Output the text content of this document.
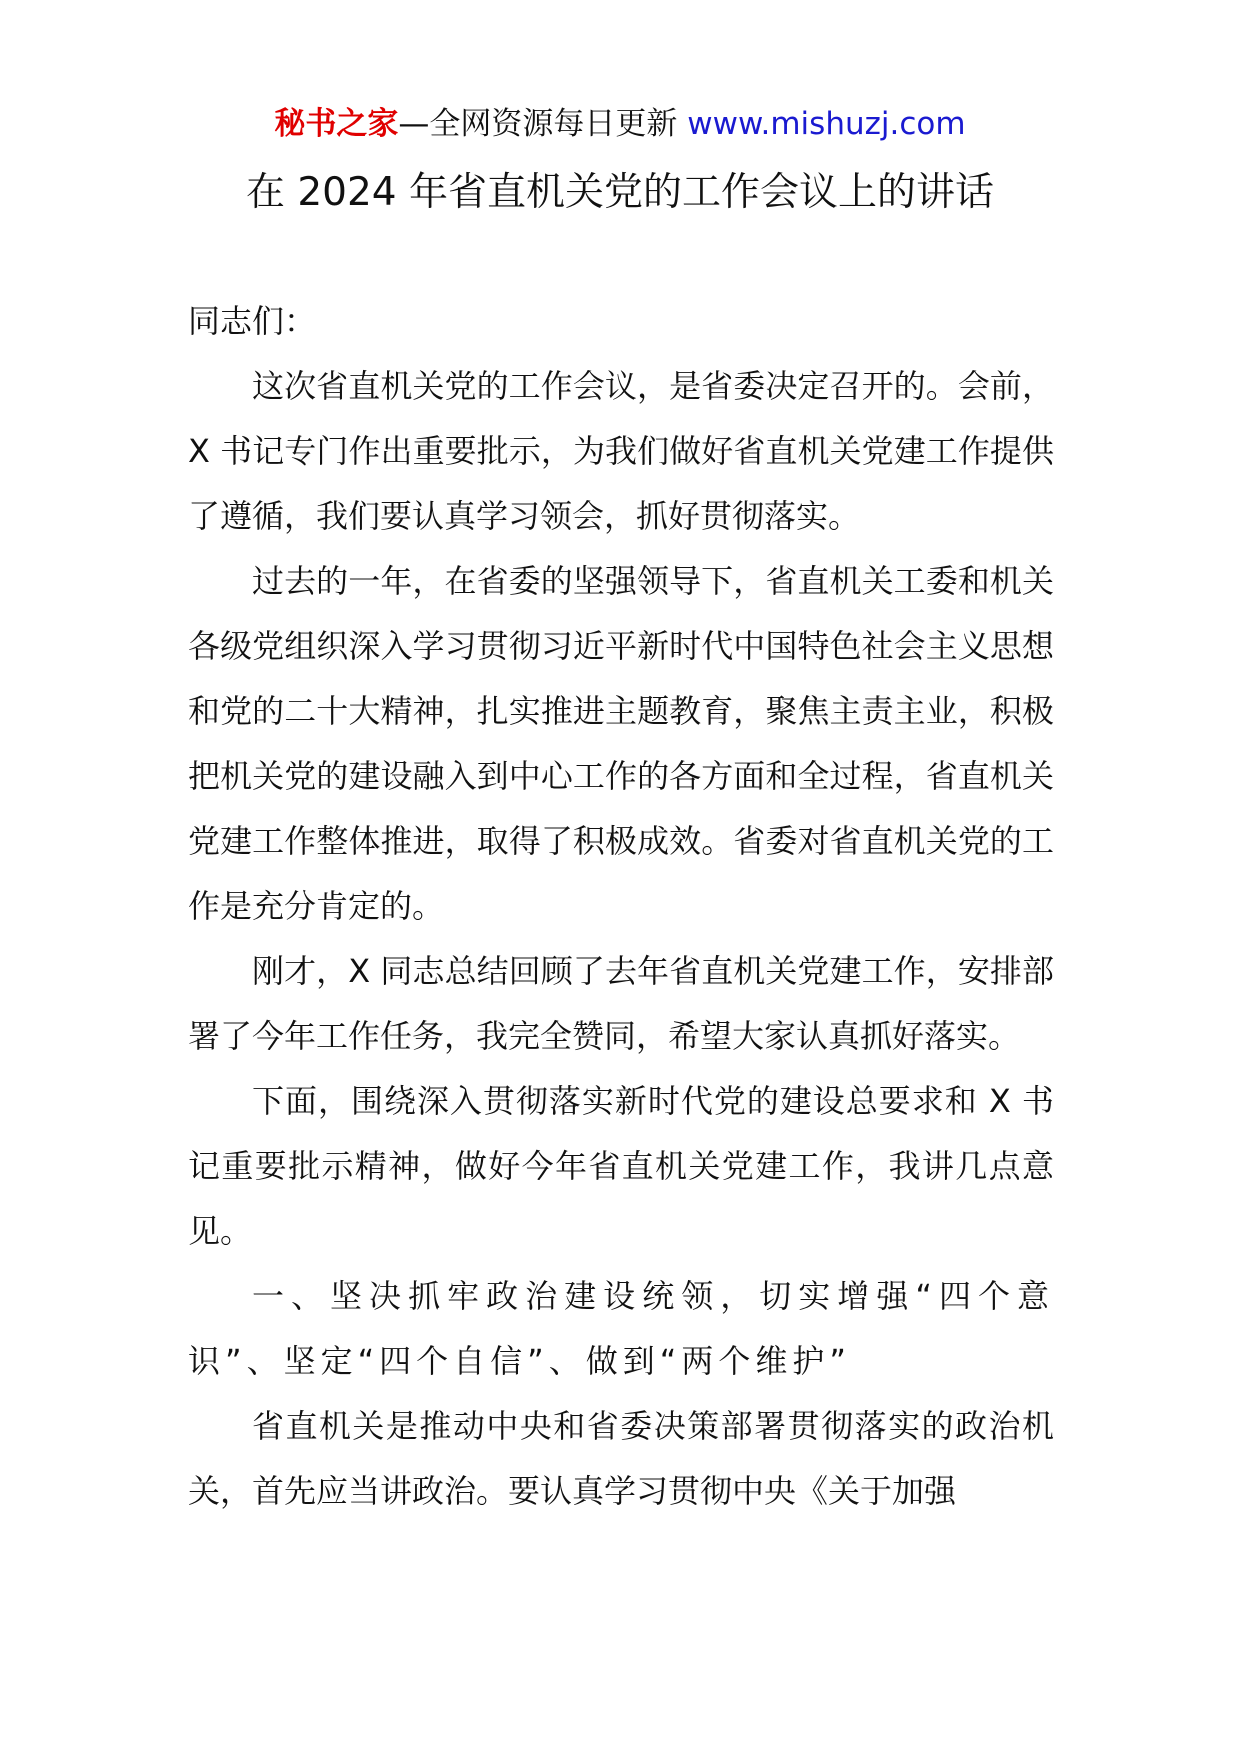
秘书之家—全网资源每日更新 www.mishuzj.com
在 2024 年省直机关党的工作会议上的讲话

同志们：

这次省直机关党的工作会议，是省委决定召开的。会前，X 书记专门作出重要批示，为我们做好省直机关党建工作提供了遵循，我们要认真学习领会，抓好贯彻落实。

过去的一年，在省委的坚强领导下，省直机关工委和机关各级党组织深入学习贯彻习近平新时代中国特色社会主义思想和党的二十大精神，扎实推进主题教育，聚焦主责主业，积极把机关党的建设融入到中心工作的各方面和全过程，省直机关党建工作整体推进，取得了积极成效。省委对省直机关党的工作是充分肯定的。

刚才，X 同志总结回顾了去年省直机关党建工作，安排部署了今年工作任务，我完全赞同，希望大家认真抓好落实。

下面，围绕深入贯彻落实新时代党的建设总要求和 X 书记重要批示精神，做好今年省直机关党建工作，我讲几点意见。

一、坚决抓牢政治建设统领，切实增强“四个意识”、坚定“四个自信”、做到“两个维护”

省直机关是推动中央和省委决策部署贯彻落实的政治机关，首先应当讲政治。要认真学习贯彻中央《关于加强
